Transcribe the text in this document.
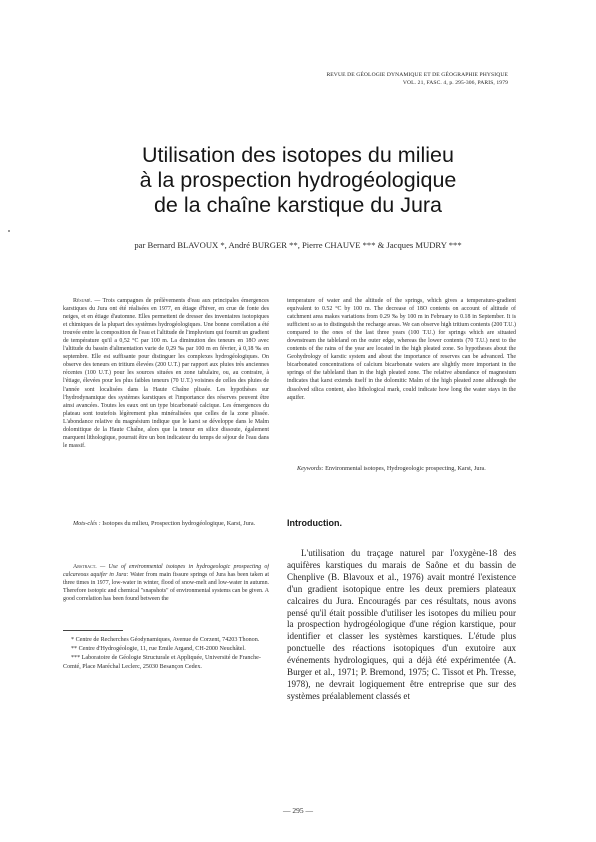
REVUE DE GÉOLOGIE DYNAMIQUE ET DE GÉOGRAPHIE PHYSIQUE
VOL. 21, FASC. 4, p. 295-306, PARIS, 1979
Utilisation des isotopes du milieu
à la prospection hydrogéologique
de la chaîne karstique du Jura
par Bernard BLAVOUX *, André BURGER **, Pierre CHAUVE *** & Jacques MUDRY ***

Résumé. — Trois campagnes de prélèvements d'eau aux principales émergences karstiques du Jura ont été réalisées en 1977, en étiage d'hiver, en crue de fonte des neiges, et en étiage d'automne. Elles permettent de dresser des inventaires isotopiques et chimiques de la plupart des systèmes hydrogéologiques. Une bonne corrélation a été trouvée entre la composition de l'eau et l'altitude de l'impluvium qui fournit un gradient de température qu'il a 0,52 °C par 100 m. La diminution des teneurs en 18O avec l'altitude du bassin d'alimentation varie de 0,29 ‰ par 100 m en février, à 0,18 ‰ en septembre. Elle est suffisante pour distinguer les complexes hydrogéologiques. On observe des teneurs en tritium élevées (200 U.T.) par rapport aux pluies très anciennes récentes (100 U.T.) pour les sources situées en zone tabulaire, ou, au contraire, à l'étiage, élevées pour les plus faibles teneurs (70 U.T.) voisines de celles des pluies de l'année sont localisées dans la Haute Chaîne plissée. Les hypothèses sur l'hydrodynamique des systèmes karstiques et l'importance des réserves peuvent être ainsi avancées. Toutes les eaux ont un type bicarbonaté calcique. Les émergences du plateau sont toutefois légèrement plus minéralisées que celles de la zone plissée. L'abondance relative du magnésium indique que le karst se développe dans le Malm dolomitique de la Haute Chaîne, alors que la teneur en silice dissoute, également marquent lithologique, pourrait être un bon indicateur du temps de séjour de l'eau dans le massif.

Mots-clés : Isotopes du milieu, Prospection hydrogéologique, Karst, Jura.

Abstract. — Use of environmental isotopes in hydrogeologic prospecting of calcareous aquifer in Jura: Water from main fissure springs of Jura has been taken at three times in 1977, low-water in winter, flood of snow-melt and low-water in autumn. Therefore isotopic and chemical "snapshots" of environmental systems can be given. A good correlation has been found between the

* Centre de Recherches Géodynamiques, Avenue de Corzent, 74203 Thonon.

** Centre d'Hydrogéologie, 11, rue Emile Argand, CH-2000 Neuchâtel.

*** Laboratoire de Géologie Structurale et Appliquée, Université de Franche-Comté, Place Maréchal Leclerc, 25030 Besançon Cedex.

temperature of water and the altitude of the springs, which gives a temperature-gradient equivalent to 0.52 °C by 100 m. The decrease of 18O contents on account of altitude of catchment area makes variations from 0.29 ‰ by 100 m in February to 0.18 in September. It is sufficient so as to distinguish the recharge areas. We can observe high tritium contents (200 T.U.) compared to the ones of the last three years (100 T.U.) for springs which are situated downstream the tableland on the outer edge, whereas the lower contents (70 T.U.) next to the contents of the rains of the year are located in the high pleated zone. So hypotheses about the Geohydrology of karstic system and about the importance of reserves can be advanced. The bicarbonated concentrations of calcium bicarbonate waters are slightly more important in the springs of the tableland than in the high pleated zone. The relative abundance of magnesium indicates that karst extends itself in the dolomitic Malm of the high pleated zone although the dissolved silica content, also lithological mark, could indicate how long the water stays in the aquifer.

Keywords: Environmental isotopes, Hydrogeologic prospecting, Karst, Jura.
Introduction.

L'utilisation du traçage naturel par l'oxygène-18 des aquifères karstiques du marais de Saône et du bassin de Chenplive (B. Blavoux et al., 1976) avait montré l'existence d'un gradient isotopique entre les deux premiers plateaux calcaires du Jura. Encouragés par ces résultats, nous avons pensé qu'il était possible d'utiliser les isotopes du milieu pour la prospection hydrogéologique d'une région karstique, pour identifier et classer les systèmes karstiques. L'étude plus ponctuelle des réactions isotopiques d'un exutoire aux événements hydrologiques, qui a déjà été expérimentée (A. Burger et al., 1971; P. Bremond, 1975; C. Tissot et Ph. Tresse, 1978), ne devrait logiquement être entreprise que sur des systèmes préalablement classés et

— 295 —
